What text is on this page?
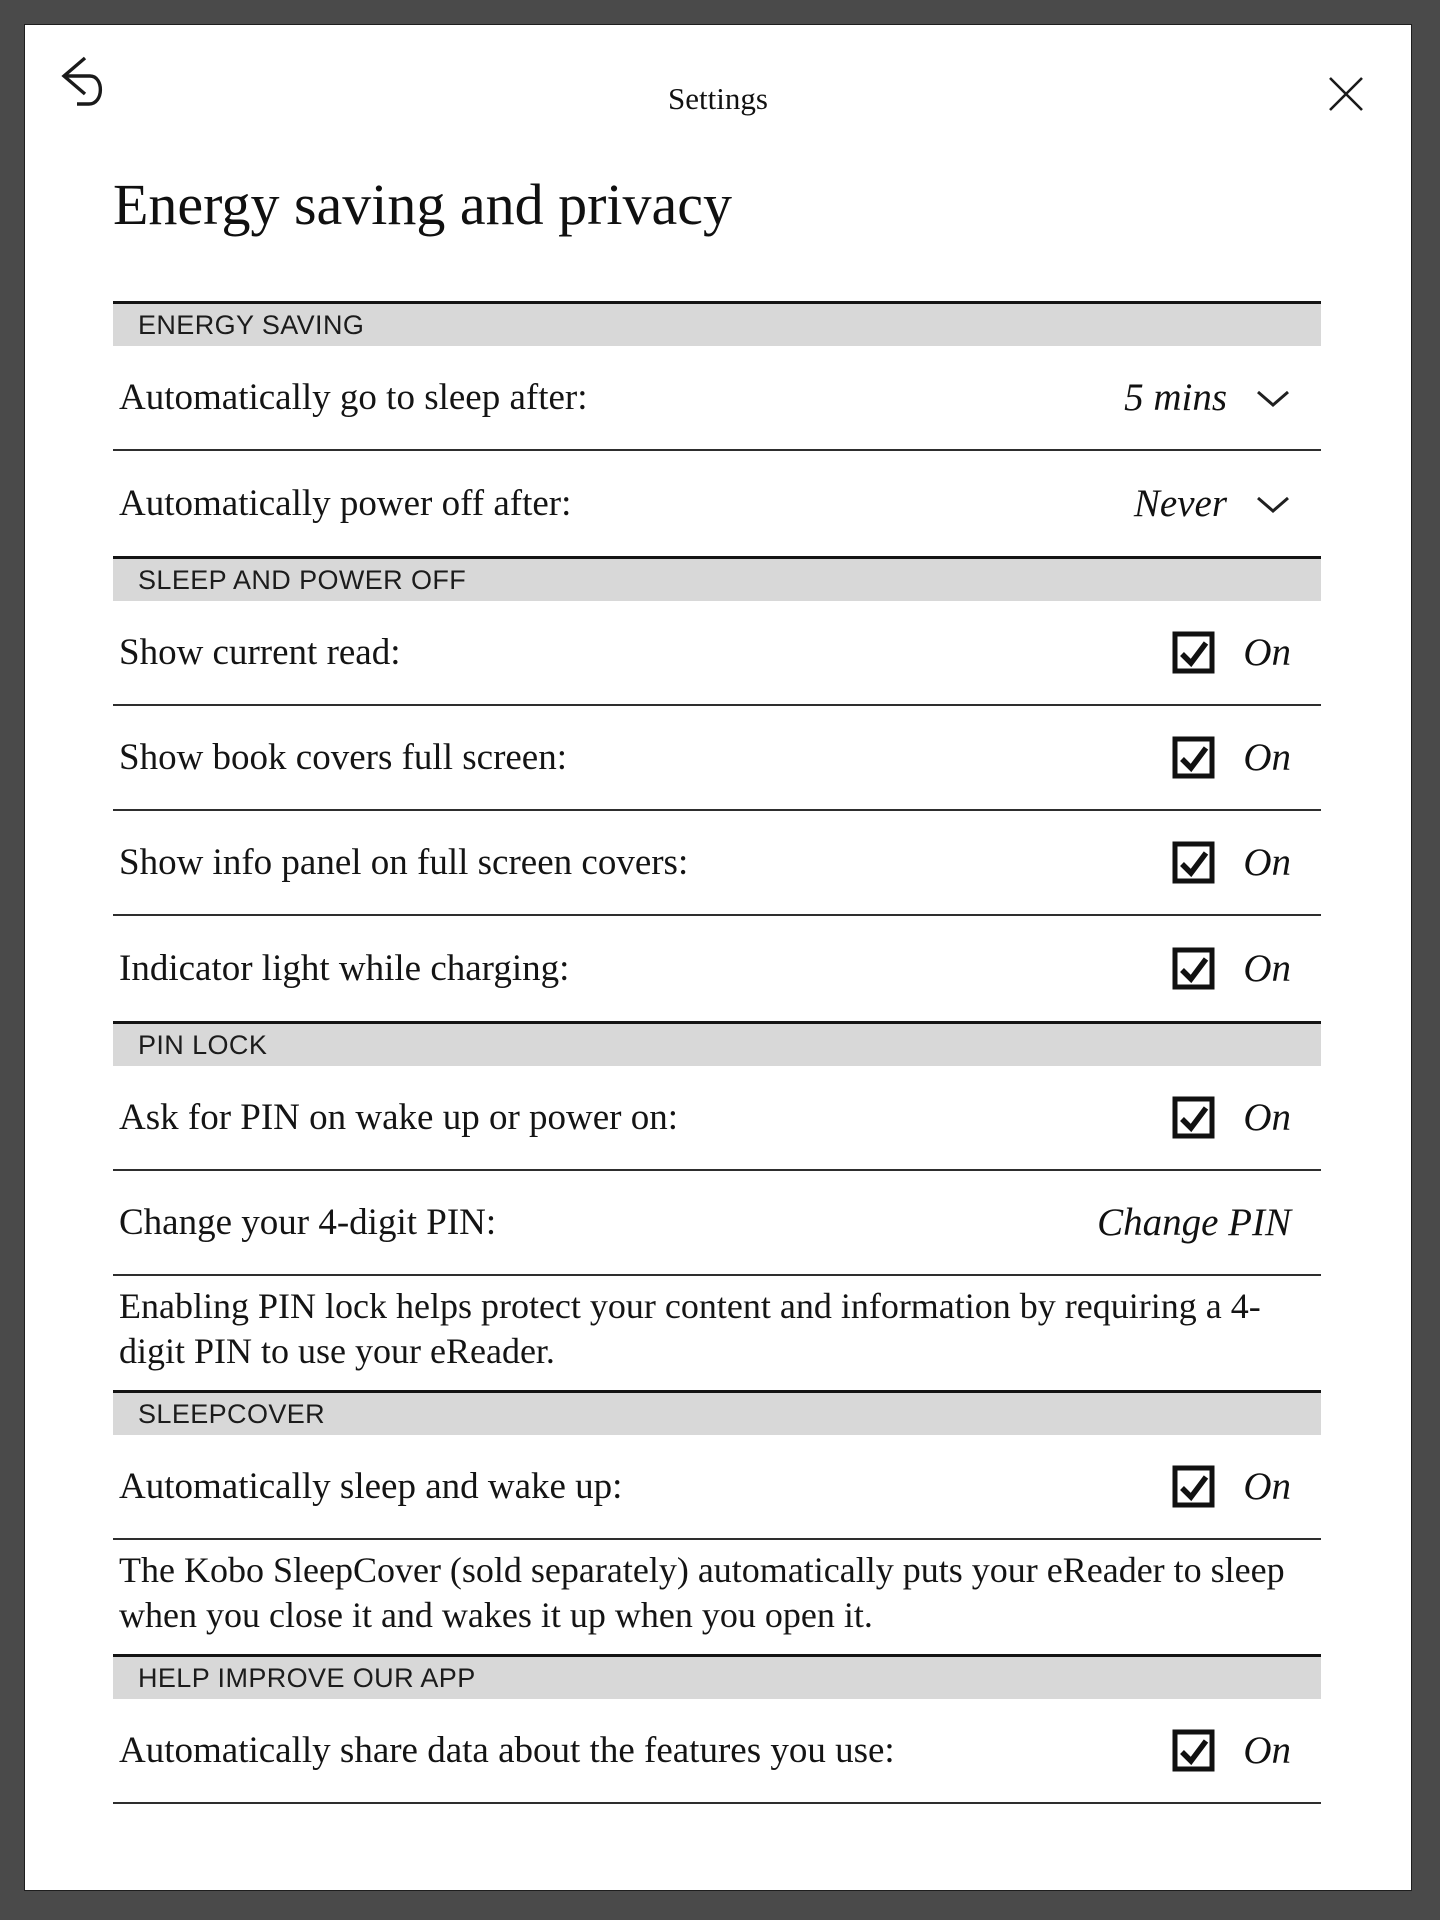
Settings
Energy saving and privacy
ENERGY SAVING
Automatically go to sleep after:	5 mins
Automatically power off after:	Never
SLEEP AND POWER OFF
Show current read:	On
Show book covers full screen:	On
Show info panel on full screen covers:	On
Indicator light while charging:	On
PIN LOCK
Ask for PIN on wake up or power on:	On
Change your 4-digit PIN:	Change PIN
Enabling PIN lock helps protect your content and information by requiring a 4-digit PIN to use your eReader.
SLEEPCOVER
Automatically sleep and wake up:	On
The Kobo SleepCover (sold separately) automatically puts your eReader to sleep when you close it and wakes it up when you open it.
HELP IMPROVE OUR APP
Automatically share data about the features you use:	On
